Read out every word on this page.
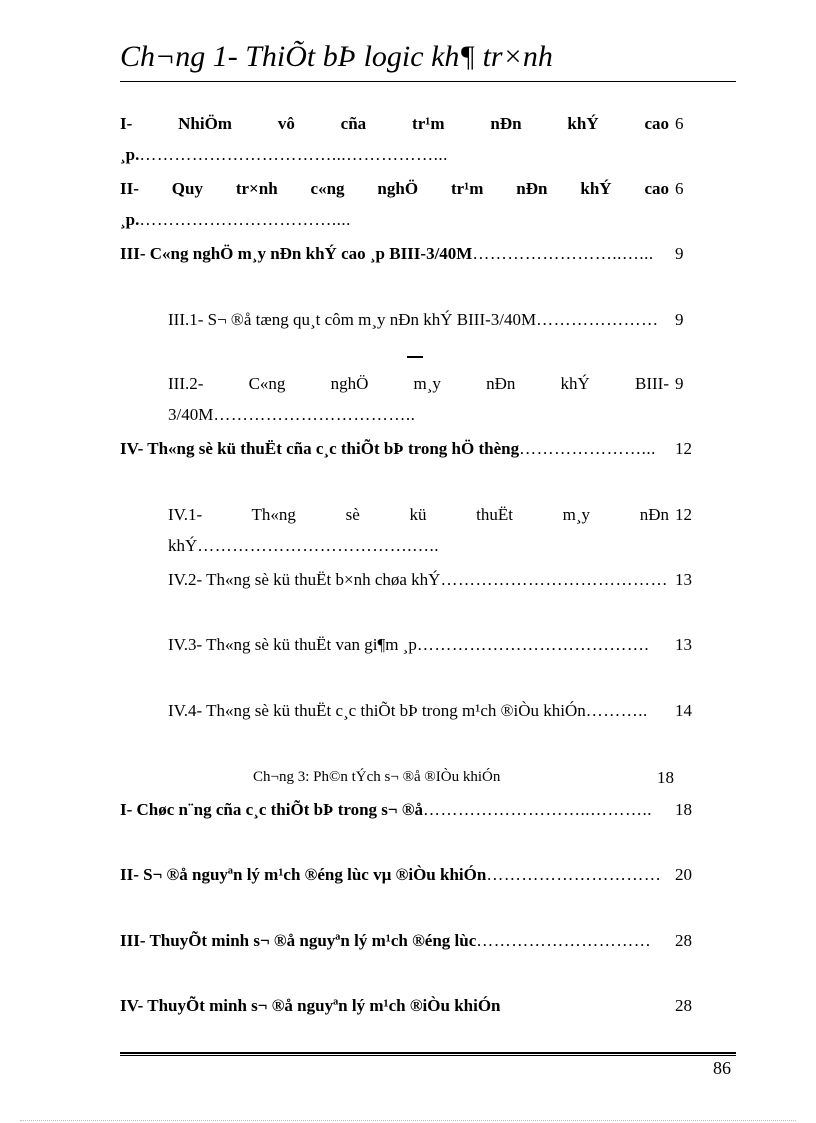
Ch¬ng 1- ThiÕt bÞ logic kh¶ tr×nh
I- NhiÖm vô cña tr¹m nÐn khÝ cao ¸p.……………………………...……………...
6
II- Quy tr×nh c«ng nghÖ tr¹m nÐn khÝ cao ¸p.……………………………....
6
III- C«ng nghÖ m¸y nÐn khÝ cao ¸p BIII-3/40M……………………..…... 9
III.1- S¬ ®å tæng qu¸t côm m¸y nÐn khÝ BIII-3/40M………………… 9
III.2- C«ng nghÖ m¸y nÐn khÝ BIII-3/40M……………………………..
9
IV- Th«ng sè kü thuËt cña c¸c thiÕt bÞ trong hÖ thèng…………………... 12
IV.1- Th«ng sè kü thuËt m¸y nÐn khÝ……………………………….…..
12
IV.2- Th«ng sè kü thuËt b×nh chøa khÝ………………………………… 13
IV.3- Th«ng sè kü thuËt van gi¶m ¸p…………………………………. 13
IV.4- Th«ng sè kü thuËt c¸c thiÕt bÞ trong m¹ch ®iÒu khiÓn……….. 14
Ch¬ng 3: Ph©n tÝch s¬ ®å ®IÒu khiÓn	18
I- Chøc n¨ng cña c¸c thiÕt bÞ trong s¬ ®å………………………..……….. 18
II- S¬ ®å nguyªn lý m¹ch ®éng lùc vµ ®iÒu khiÓn………………………… 20
III- ThuyÕt minh s¬ ®å nguyªn lý m¹ch ®éng lùc………………………… 28
IV- ThuyÕt minh s¬ ®å nguyªn lý m¹ch ®iÒu khiÓn	28
86
